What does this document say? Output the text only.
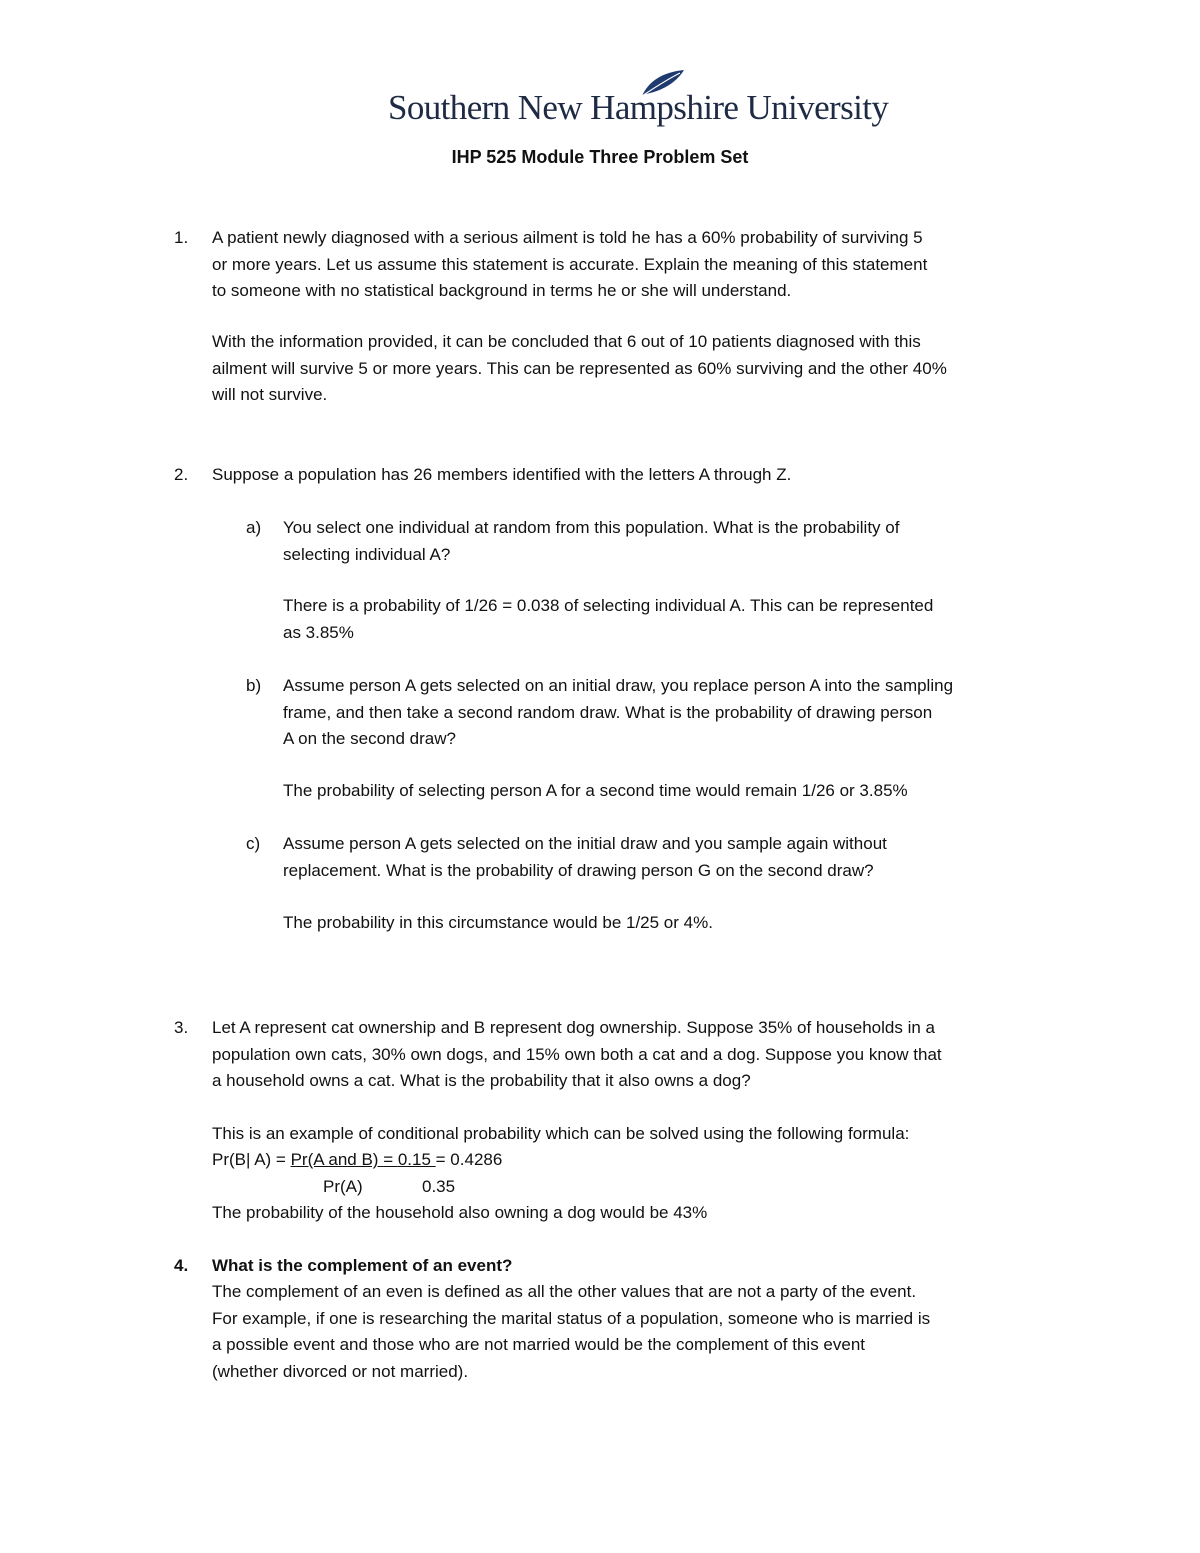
Southern New Hampshire University
IHP 525 Module Three Problem Set
1. A patient newly diagnosed with a serious ailment is told he has a 60% probability of surviving 5
or more years. Let us assume this statement is accurate. Explain the meaning of this statement
to someone with no statistical background in terms he or she will understand.
With the information provided, it can be concluded that 6 out of 10 patients diagnosed with this
ailment will survive 5 or more years. This can be represented as 60% surviving and the other 40%
will not survive.
2. Suppose a population has 26 members identified with the letters A through Z.
a) You select one individual at random from this population. What is the probability of
selecting individual A?
There is a probability of 1/26 = 0.038 of selecting individual A. This can be represented
as 3.85%
b) Assume person A gets selected on an initial draw, you replace person A into the sampling
frame, and then take a second random draw. What is the probability of drawing person
A on the second draw?
The probability of selecting person A for a second time would remain 1/26 or 3.85%
c) Assume person A gets selected on the initial draw and you sample again without
replacement. What is the probability of drawing person G on the second draw?
The probability in this circumstance would be 1/25 or 4%.
3. Let A represent cat ownership and B represent dog ownership. Suppose 35% of households in a
population own cats, 30% own dogs, and 15% own both a cat and a dog. Suppose you know that
a household owns a cat. What is the probability that it also owns a dog?
This is an example of conditional probability which can be solved using the following formula:
Pr(B| A) = Pr(A and B) = 0.15 = 0.4286
Pr(A)	0.35
The probability of the household also owning a dog would be 43%
4. What is the complement of an event?
The complement of an even is defined as all the other values that are not a party of the event.
For example, if one is researching the marital status of a population, someone who is married is
a possible event and those who are not married would be the complement of this event
(whether divorced or not married).
